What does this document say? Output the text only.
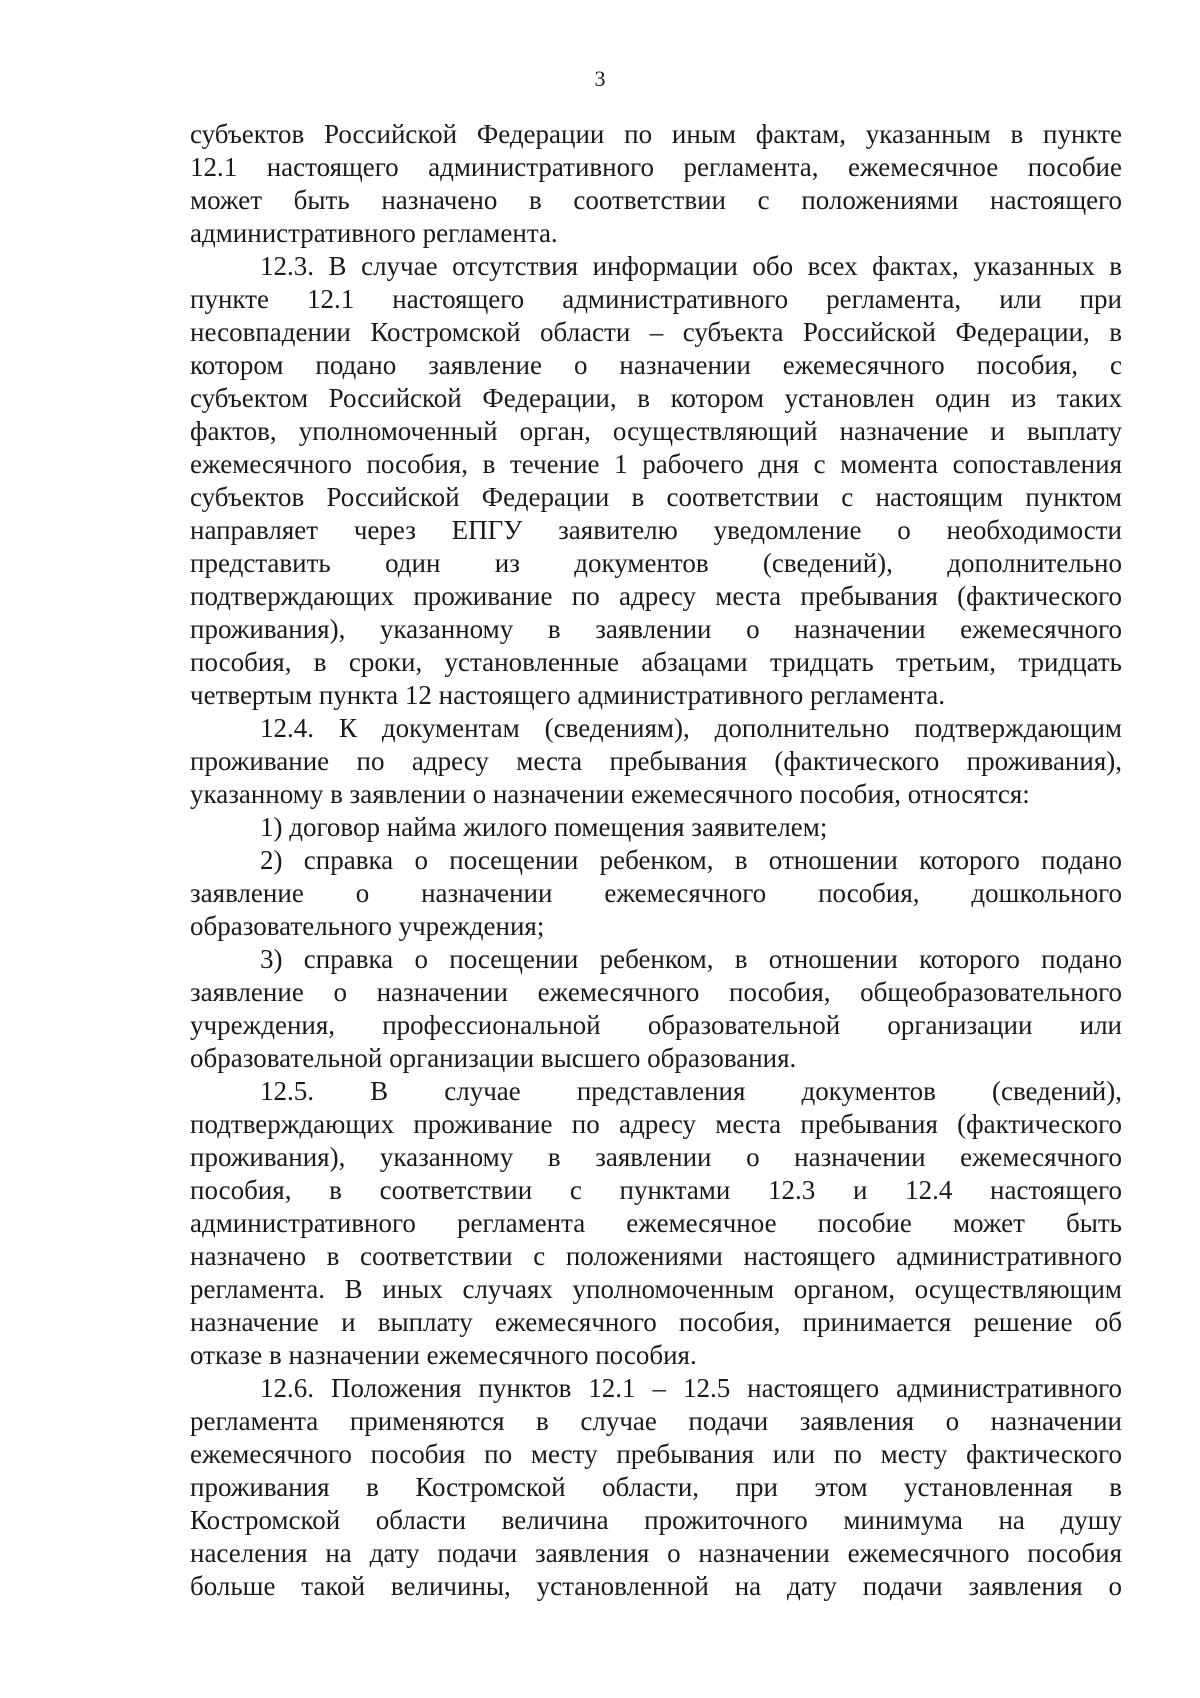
3
субъектов Российской Федерации по иным фактам, указанным в пункте
12.1 настоящего административного регламента, ежемесячное пособие
может быть назначено в соответствии с положениями настоящего
административного регламента.
12.3. В случае отсутствия информации обо всех фактах, указанных в
пункте 12.1 настоящего административного регламента, или при
несовпадении Костромской области – субъекта Российской Федерации, в
котором подано заявление о назначении ежемесячного пособия, с
субъектом Российской Федерации, в котором установлен один из таких
фактов, уполномоченный орган, осуществляющий назначение и выплату
ежемесячного пособия, в течение 1 рабочего дня с момента сопоставления
субъектов Российской Федерации в соответствии с настоящим пунктом
направляет через ЕПГУ заявителю уведомление о необходимости
представить один из документов (сведений), дополнительно
подтверждающих проживание по адресу места пребывания (фактического
проживания), указанному в заявлении о назначении ежемесячного
пособия, в сроки, установленные абзацами тридцать третьим, тридцать
четвертым пункта 12 настоящего административного регламента.
12.4. К документам (сведениям), дополнительно подтверждающим
проживание по адресу места пребывания (фактического проживания),
указанному в заявлении о назначении ежемесячного пособия, относятся:
1) договор найма жилого помещения заявителем;
2) справка о посещении ребенком, в отношении которого подано
заявление о назначении ежемесячного пособия, дошкольного
образовательного учреждения;
3) справка о посещении ребенком, в отношении которого подано
заявление о назначении ежемесячного пособия, общеобразовательного
учреждения, профессиональной образовательной организации или
образовательной организации высшего образования.
12.5. В случае представления документов (сведений),
подтверждающих проживание по адресу места пребывания (фактического
проживания), указанному в заявлении о назначении ежемесячного
пособия, в соответствии с пунктами 12.3 и 12.4 настоящего
административного регламента ежемесячное пособие может быть
назначено в соответствии с положениями настоящего административного
регламента. В иных случаях уполномоченным органом, осуществляющим
назначение и выплату ежемесячного пособия, принимается решение об
отказе в назначении ежемесячного пособия.
12.6. Положения пунктов 12.1 – 12.5 настоящего административного
регламента применяются в случае подачи заявления о назначении
ежемесячного пособия по месту пребывания или по месту фактического
проживания в Костромской области, при этом установленная в
Костромской области величина прожиточного минимума на душу
населения на дату подачи заявления о назначении ежемесячного пособия
больше такой величины, установленной на дату подачи заявления о
